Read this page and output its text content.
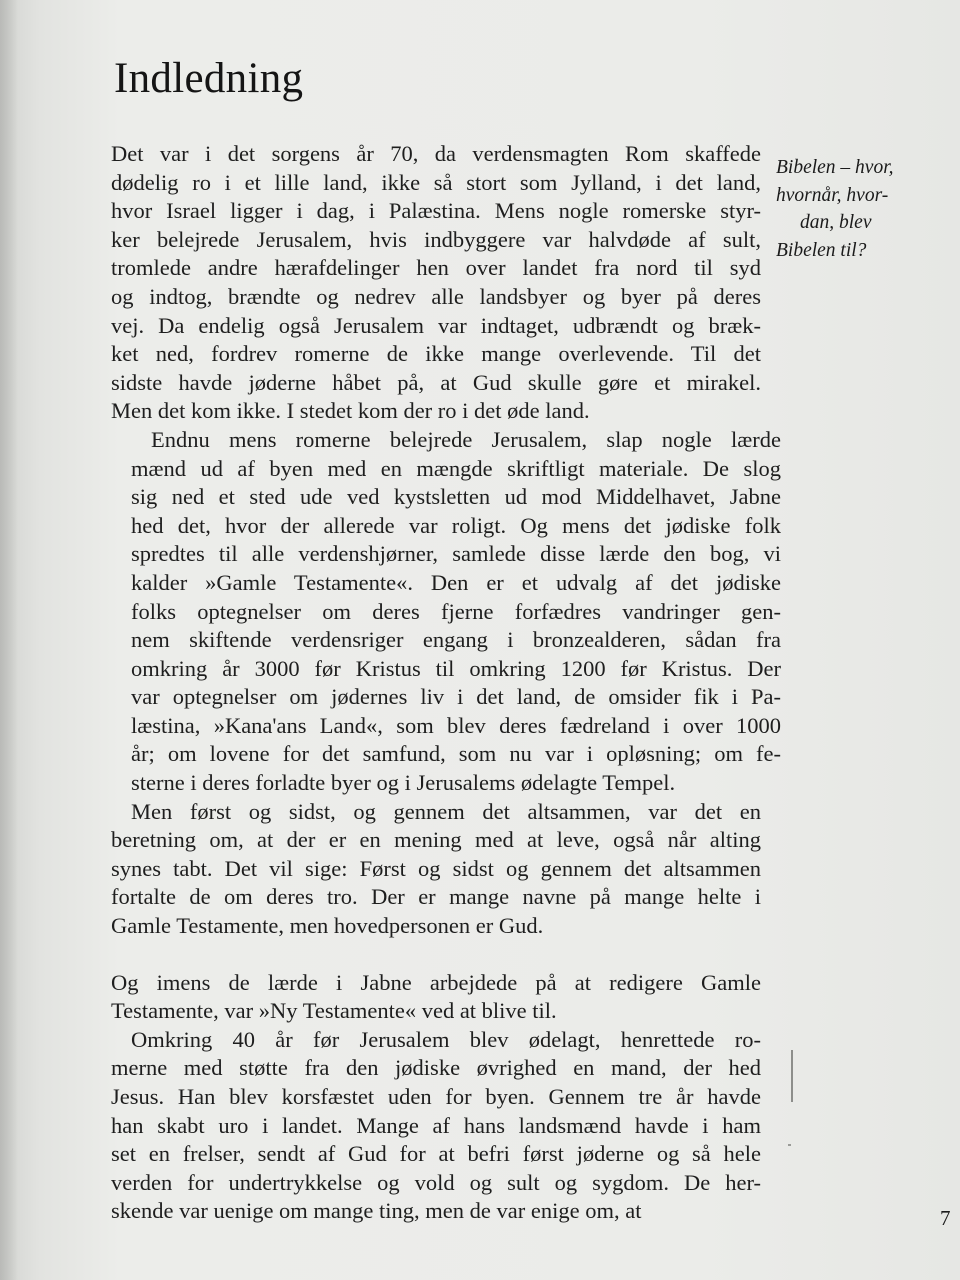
Indledning

Det var i det sorgens år 70, da verdensmagten Rom skaffede
dødelig ro i et lille land, ikke så stort som Jylland, i det land,
hvor Israel ligger i dag, i Palæstina. Mens nogle romerske styr-
ker belejrede Jerusalem, hvis indbyggere var halvdøde af sult,
tromlede andre hærafdelinger hen over landet fra nord til syd
og indtog, brændte og nedrev alle landsbyer og byer på deres
vej. Da endelig også Jerusalem var indtaget, udbrændt og bræk-
ket ned, fordrev romerne de ikke mange overlevende. Til det
sidste havde jøderne håbet på, at Gud skulle gøre et mirakel.
Men det kom ikke. I stedet kom der ro i det øde land.

Endnu mens romerne belejrede Jerusalem, slap nogle lærde
mænd ud af byen med en mængde skriftligt materiale. De slog
sig ned et sted ude ved kystsletten ud mod Middelhavet, Jabne
hed det, hvor der allerede var roligt. Og mens det jødiske folk
spredtes til alle verdenshjørner, samlede disse lærde den bog, vi
kalder »Gamle Testamente«. Den er et udvalg af det jødiske
folks optegnelser om deres fjerne forfædres vandringer gen-
nem skiftende verdensriger engang i bronzealderen, sådan fra
omkring år 3000 før Kristus til omkring 1200 før Kristus. Der
var optegnelser om jødernes liv i det land, de omsider fik i Pa-
læstina, »Kana'ans Land«, som blev deres fædreland i over 1000
år; om lovene for det samfund, som nu var i opløsning; om fe-
sterne i deres forladte byer og i Jerusalems ødelagte Tempel.

Men først og sidst, og gennem det altsammen, var det en
beretning om, at der er en mening med at leve, også når alting
synes tabt. Det vil sige: Først og sidst og gennem det altsammen
fortalte de om deres tro. Der er mange navne på mange helte i
Gamle Testamente, men hovedpersonen er Gud.

Og imens de lærde i Jabne arbejdede på at redigere Gamle
Testamente, var »Ny Testamente« ved at blive til.

Omkring 40 år før Jerusalem blev ødelagt, henrettede ro-
merne med støtte fra den jødiske øvrighed en mand, der hed
Jesus. Han blev korsfæstet uden for byen. Gennem tre år havde
han skabt uro i landet. Mange af hans landsmænd havde i ham
set en frelser, sendt af Gud for at befri først jøderne og så hele
verden for undertrykkelse og vold og sult og sygdom. De her-
skende var uenige om mange ting, men de var enige om, at

Bibelen – hvor,
hvornår, hvor-
dan, blev
Bibelen til?
7
